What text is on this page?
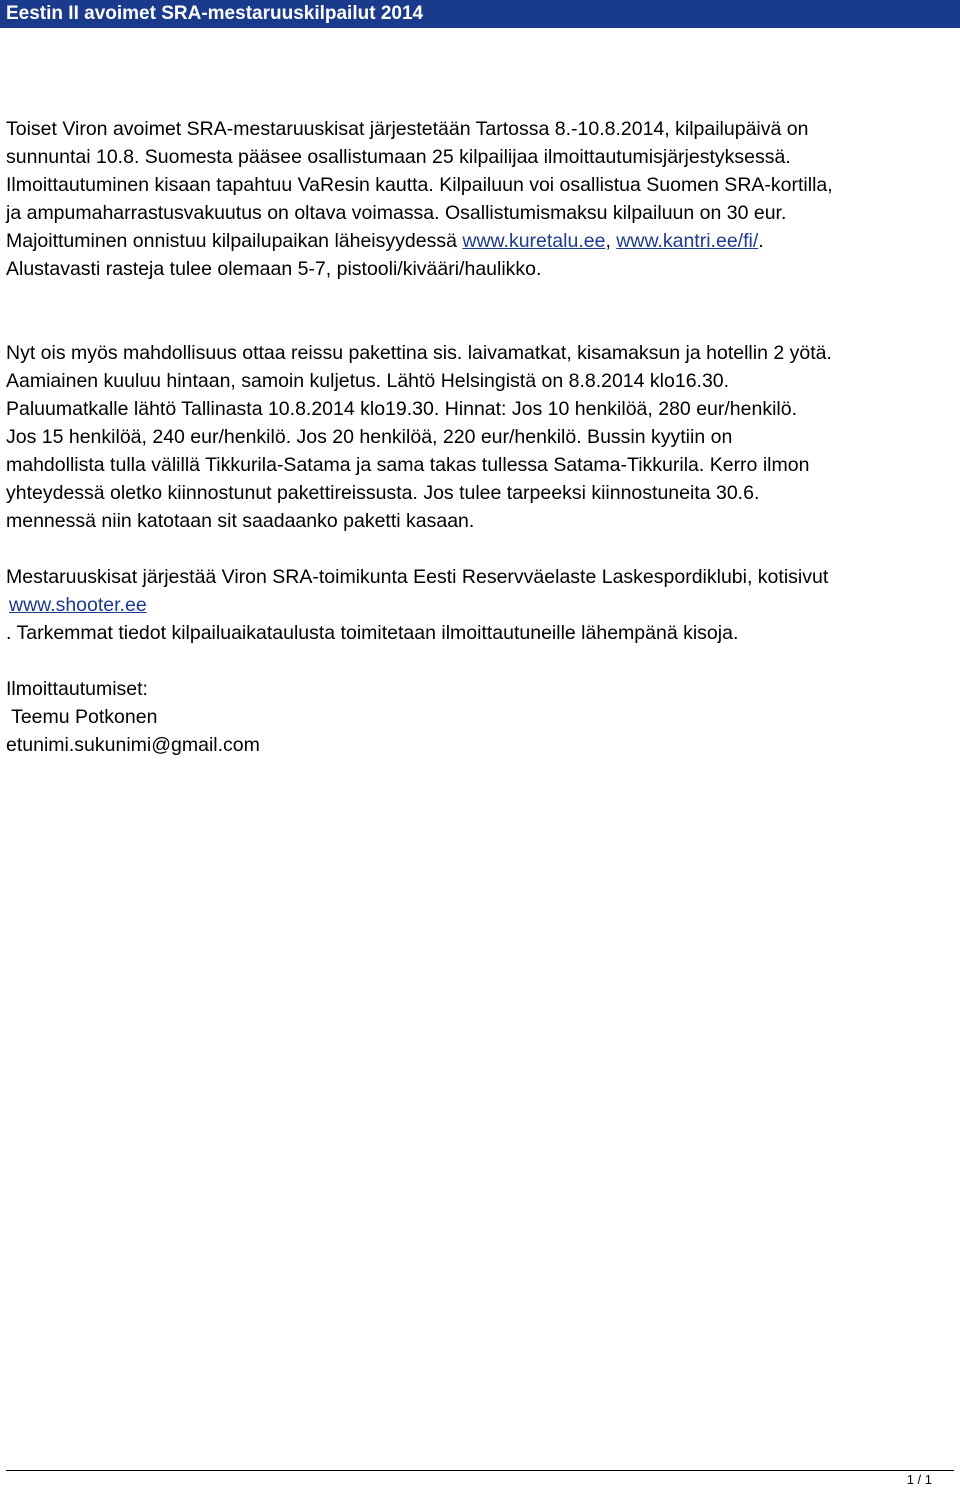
Eestin II avoimet SRA-mestaruuskilpailut 2014

Toiset Viron avoimet SRA-mestaruuskisat järjestetään Tartossa 8.-10.8.2014, kilpailupäivä on
sunnuntai 10.8. Suomesta pääsee osallistumaan 25 kilpailijaa ilmoittautumisjärjestyksessä.
Ilmoittautuminen kisaan tapahtuu VaResin kautta. Kilpailuun voi osallistua Suomen SRA-kortilla,
ja ampumaharrastusvakuutus on oltava voimassa. Osallistumismaksu kilpailuun on 30 eur.
Majoittuminen onnistuu kilpailupaikan läheisyydessä www.kuretalu.ee, www.kantri.ee/fi/.
Alustavasti rasteja tulee olemaan 5-7, pistooli/kivääri/haulikko.

Nyt ois myös mahdollisuus ottaa reissu pakettina sis. laivamatkat, kisamaksun ja hotellin 2 yötä.
Aamiainen kuuluu hintaan, samoin kuljetus. Lähtö Helsingistä on 8.8.2014 klo16.30.
Paluumatkalle lähtö Tallinasta 10.8.2014 klo19.30. Hinnat: Jos 10 henkilöä, 280 eur/henkilö.
Jos 15 henkilöä, 240 eur/henkilö. Jos 20 henkilöä, 220 eur/henkilö. Bussin kyytiin on
mahdollista tulla välillä Tikkurila-Satama ja sama takas tullessa Satama-Tikkurila. Kerro ilmon
yhteydessä oletko kiinnostunut pakettireissusta. Jos tulee tarpeeksi kiinnostuneita 30.6.
mennessä niin katotaan sit saadaanko paketti kasaan.

Mestaruuskisat järjestää Viron SRA-toimikunta Eesti Reservväelaste Laskespordiklubi, kotisivut
www.shooter.ee
. Tarkemmat tiedot kilpailuaikataulusta toimitetaan ilmoittautuneille lähempänä kisoja.

Ilmoittautumiset:
Teemu Potkonen
etunimi.sukunimi@gmail.com

1 / 1
